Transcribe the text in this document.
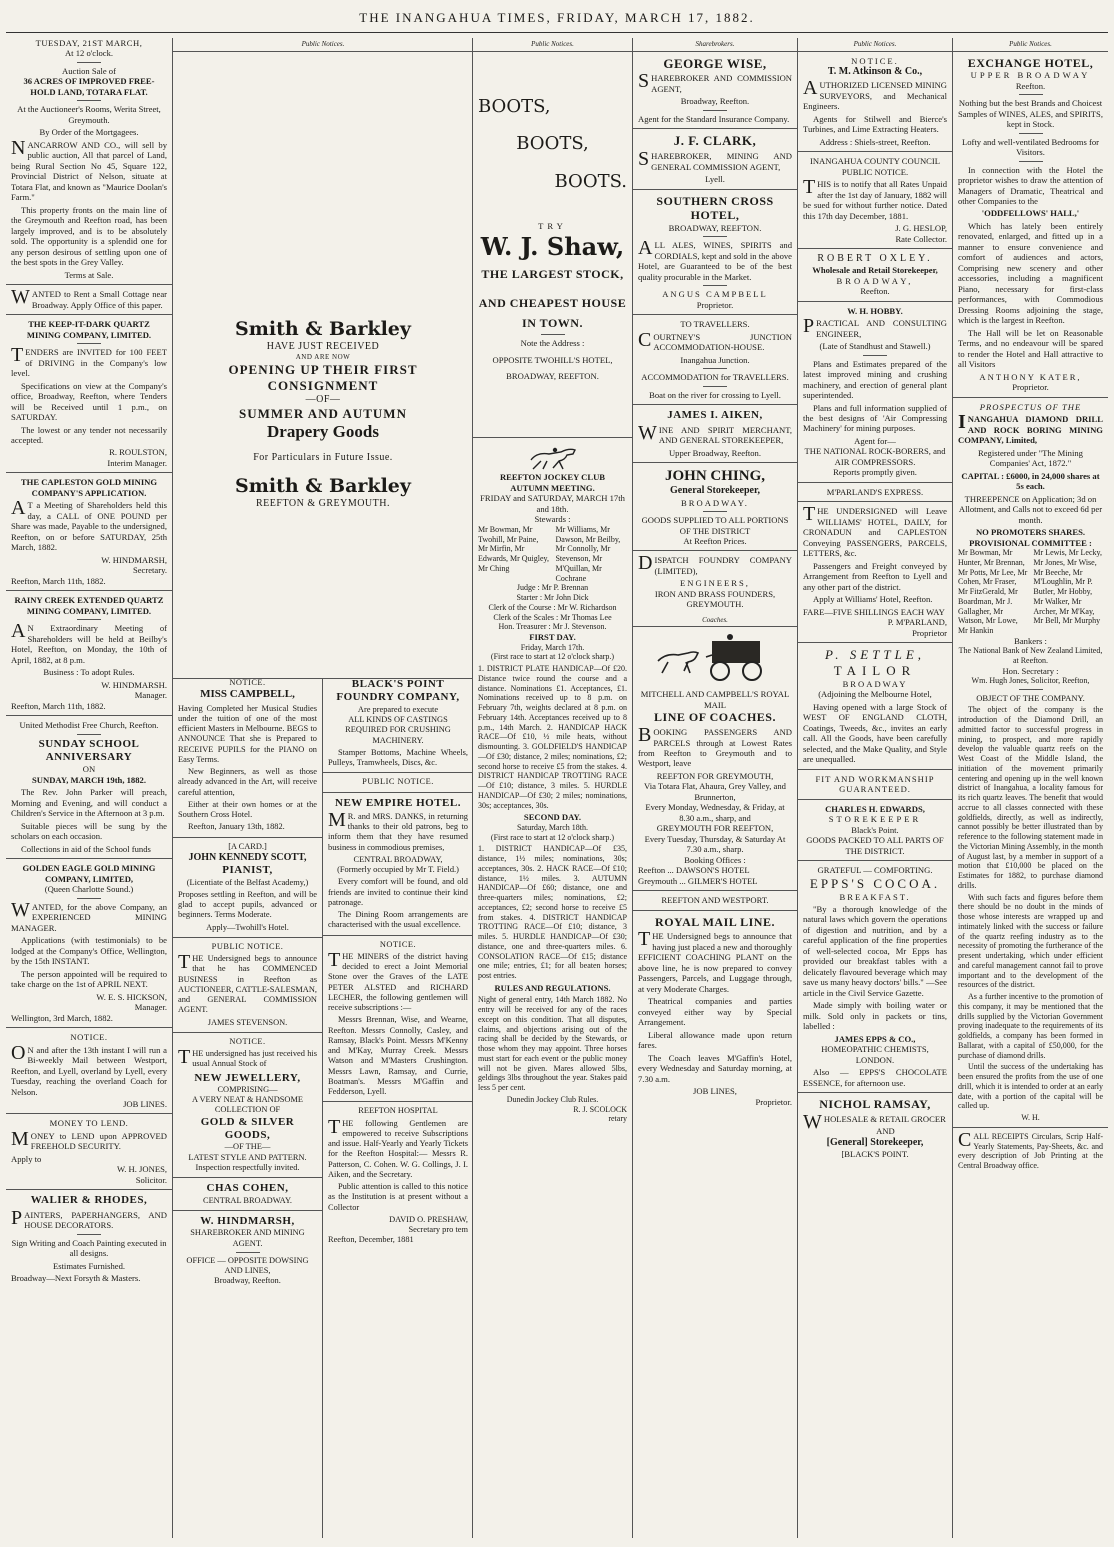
THE INANGAHUA TIMES, FRIDAY, MARCH 17, 1882.
TUESDAY, 21ST MARCH,
At 12 o'clock.
Auction Sale of
36 ACRES OF IMPROVED FREE-HOLD LAND, TOTARA FLAT.

At the Auctioneer's Rooms, Werita Street, Greymouth.

By Order of the Mortgagees.

NANCARROW AND CO., will sell by public auction, All that parcel of Land, being Rural Section No 45, Square 122, Provincial District of Nelson, situate at Totara Flat, and known as "Maurice Doolan's Farm."

This property fronts on the main line of the Greymouth and Reefton road, has been largely improved, and is to be absolutely sold. The opportunity is a splendid one for any person desirous of settling upon one of the best spots in the Grey Valley.

Terms at Sale.

WANTED to Rent a Small Cottage near Broadway. Apply Office of this paper.

THE KEEP-IT-DARK QUARTZ MINING COMPANY, LIMITED.

TENDERS are INVITED for 100 FEET of DRIVING in the Company's low level.

Specifications on view at the Company's office, Broadway, Reefton, where Tenders will be Received until 1 p.m., on SATURDAY.

The lowest or any tender not necessarily accepted.

R. ROULSTON,
Interim Manager.
THE CAPLESTON GOLD MINING COMPANY'S APPLICATION.

AT a Meeting of Shareholders held this day, a CALL of ONE POUND per Share was made, Payable to the undersigned, Reefton, on or before SATURDAY, 25th March, 1882.

W. HINDMARSH,
Secretary.
Reefton, March 11th, 1882.
RAINY CREEK EXTENDED QUARTZ MINING COMPANY, LIMITED.

AN Extraordinary Meeting of Shareholders will be held at Beilby's Hotel, Reefton, on Monday, the 10th of April, 1882, at 8 p.m.

Business : To adopt Rules.

W. HINDMARSH.
Manager.
Reefton, March 11th, 1882.
United Methodist Free Church, Reefton.
SUNDAY SCHOOL
ANNIVERSARY
ON
SUNDAY, MARCH 19th, 1882.

The Rev. John Parker will preach, Morning and Evening, and will conduct a Children's Service in the Afternoon at 3 p.m.

Suitable pieces will be sung by the scholars on each occasion.

Collections in aid of the School funds

GOLDEN EAGLE GOLD MINING COMPANY, LIMITED,
(Queen Charlotte Sound.)

WANTED, for the above Company, an EXPERIENCED MINING MANAGER.

Applications (with testimonials) to be lodged at the Company's Office, Wellington, by the 15th INSTANT.

The person appointed will be required to take charge on the 1st of APRIL NEXT.

W. E. S. HICKSON,
Manager.
Wellington, 3rd March, 1882.
NOTICE.

ON and after the 13th instant I will run a Bi-weekly Mail between Westport, Reefton, and Lyell, overland by Lyell, every Tuesday, reaching the overland Coach for Nelson.

JOB LINES.
MONEY TO LEND.

MONEY to LEND upon APPROVED FREEHOLD SECURITY.

Apply to
W. H. JONES,
Solicitor.
WALIER & RHODES,

PAINTERS, PAPERHANGERS, AND HOUSE DECORATORS.

Sign Writing and Coach Painting executed in all designs.

Estimates Furnished.

Broadway—Next Forsyth & Masters.

Public Notices.
Smith & Barkley
HAVE JUST RECEIVED
AND ARE NOW
OPENING UP THEIR FIRST CONSIGNMENT
—OF—
SUMMER AND AUTUMN
Drapery Goods
For Particulars in Future Issue.
Smith & Barkley
REEFTON & GREYMOUTH.
NOTICE.
MISS CAMPBELL,

Having Completed her Musical Studies under the tuition of one of the most efficient Masters in Melbourne. BEGS to ANNOUNCE That she is Prepared to RECEIVE PUPILS for the PIANO on Easy Terms.

New Beginners, as well as those already advanced in the Art, will receive careful attention,

Either at their own homes or at the Southern Cross Hotel.

Reefton, January 13th, 1882.
[A CARD.]
JOHN KENNEDY SCOTT,
PIANIST,
(Licentiate of the Belfast Academy,)

Proposes settling in Reefton, and will be glad to accept pupils, advanced or beginners. Terms Moderate.

Apply—Twohill's Hotel.
PUBLIC NOTICE.

THE Undersigned begs to announce that he has COMMENCED BUSINESS in Reefton as AUCTIONEER, CATTLE-SALESMAN, and GENERAL COMMISSION AGENT.

JAMES STEVENSON.
NOTICE.

THE undersigned has just received his usual Annual Stock of

NEW JEWELLERY,
COMPRISING—
A VERY NEAT & HANDSOME COLLECTION OF
GOLD & SILVER GOODS,
—OF THE—
LATEST STYLE AND PATTERN.
Inspection respectfully invited.
CHAS COHEN,
CENTRAL BROADWAY.
W. HINDMARSH,
SHAREBROKER AND MINING AGENT.
OFFICE — OPPOSITE DOWSING AND LINES,
Broadway, Reefton.
BLACK'S POINT FOUNDRY COMPANY,
Are prepared to execute
ALL KINDS OF CASTINGS REQUIRED FOR CRUSHING MACHINERY.

Stamper Bottoms, Machine Wheels, Pulleys, Tramwheels, Discs, &c.

PUBLIC NOTICE.
NEW EMPIRE HOTEL.

MR. and MRS. DANKS, in returning thanks to their old patrons, beg to inform them that they have resumed business in commodious premises,

CENTRAL BROADWAY,
(Formerly occupied by Mr T. Field.)

Every comfort will be found, and old friends are invited to continue their kind patronage.

The Dining Room arrangements are characterised with the usual excellence.

NOTICE.

THE MINERS of the district having decided to erect a Joint Memorial Stone over the Graves of the LATE PETER ALSTED and RICHARD LECHER, the following gentlemen will receive subscriptions :—

Messrs Brennan, Wise, and Wearne, Reefton. Messrs Connolly, Casley, and Ramsay, Black's Point. Messrs M'Kenny and M'Kay, Murray Creek. Messrs Watson and M'Masters Crushington. Messrs Lawn, Ramsay, and Currie, Boatman's. Messrs M'Gaffin and Fedderson, Lyell.

REEFTON HOSPITAL

THE following Gentlemen are empowered to receive Subscriptions and issue. Half-Yearly and Yearly Tickets for the Reefton Hospital:— Messrs R. Patterson, C. Cohen. W. G. Collings, J. I. Aiken, and the Secretary.

Public attention is called to this notice as the Institution is at present without a Collector

DAVID O. PRESHAW,
Secretary pro tem
Reefton, December, 1881
Public Notices.
BOOTS,
BOOTS,
BOOTS.
TRY
W. J. Shaw,
THE LARGEST STOCK,
AND CHEAPEST HOUSE
IN TOWN.
Note the Address :
OPPOSITE TWOHILL'S HOTEL,
BROADWAY, REEFTON.
REEFTON JOCKEY CLUB
AUTUMN MEETING.
FRIDAY and SATURDAY, MARCH 17th and 18th.
Stewards :
Mr Bowman, Mr Twohill, Mr Paine, Mr Mirfin, Mr Edwards, Mr Quigley, Mr Ching
Mr Williams, Mr Dawson, Mr Beilby, Mr Connolly, Mr Stevenson, Mr M'Quillan, Mr Cochrane
Judge : Mr P. Brennan
Starter : Mr John Dick
Clerk of the Course : Mr W. Richardson
Clerk of the Scales : Mr Thomas Lee
Hon. Treasurer : Mr J. Stevenson.
FIRST DAY.
Friday, March 17th.
(First race to start at 12 o'clock sharp.)

1. DISTRICT PLATE HANDICAP—Of £20. Distance twice round the course and a distance. Nominations £1. Acceptances, £1. Nominations received up to 8 p.m. on February 7th, weights declared at 8 p.m. on February 14th. Acceptances received up to 8 p.m., 14th March. 2. HANDICAP HACK RACE—Of £10, ½ mile heats, without dismounting. 3. GOLDFIELD'S HANDICAP—Of £30; distance, 2 miles; nominations, £2; second horse to receive £5 from the stakes. 4. DISTRICT HANDICAP TROTTING RACE—Of £10; distance, 3 miles. 5. HURDLE HANDICAP—Of £30; 2 miles; nominations, 30s; acceptances, 30s.

SECOND DAY.
Saturday, March 18th.
(First race to start at 12 o'clock sharp.)

1. DISTRICT HANDICAP—Of £35, distance, 1½ miles; nominations, 30s; acceptances, 30s. 2. HACK RACE—Of £10; distance, 1½ miles. 3. AUTUMN HANDICAP—Of £60; distance, one and three-quarters miles; nominations, £2; acceptances, £2; second horse to receive £5 from stakes. 4. DISTRICT HANDICAP TROTTING RACE—Of £10; distance, 3 miles. 5. HURDLE HANDICAP—Of £30; distance, one and three-quarters miles. 6. CONSOLATION RACE—Of £15; distance one mile; entries, £1; for all beaten horses; post entries.

RULES AND REGULATIONS.

Night of general entry, 14th March 1882. No entry will be received for any of the races except on this condition. That all disputes, claims, and objections arising out of the racing shall be decided by the Stewards, or those whom they may appoint. Three horses must start for each event or the public money will not be given. Mares allowed 5lbs, geldings 3lbs throughout the year. Stakes paid less 5 per cent.

Dunedin Jockey Club Rules.
R. J. SCOLOCK
retary
Sharebrokers.
GEORGE WISE,

SHAREBROKER AND COMMISSION AGENT,

Broadway, Reefton.

Agent for the Standard Insurance Company.

J. F. CLARK,

SHAREBROKER, MINING AND GENERAL COMMISSION AGENT,

Lyell.
SOUTHERN CROSS HOTEL,
BROADWAY, REEFTON.

ALL ALES, WINES, SPIRITS and CORDIALS, kept and sold in the above Hotel, are Guaranteed to be of the best quality procurable in the Market.

ANGUS CAMPBELL
Proprietor.
TO TRAVELLERS.

COURTNEY'S JUNCTION ACCOMMODATION-HOUSE.

Inangahua Junction.
ACCOMMODATION for TRAVELLERS.
Boat on the river for crossing to Lyell.
JAMES I. AIKEN,

WINE AND SPIRIT MERCHANT, AND GENERAL STOREKEEPER,

Upper Broadway, Reefton.
JOHN CHING,
General Storekeeper,
BROADWAY.
GOODS SUPPLIED TO ALL PORTIONS OF THE DISTRICT
At Reefton Prices.

DISPATCH FOUNDRY COMPANY (LIMITED),

ENGINEERS,
IRON AND BRASS FOUNDERS,
GREYMOUTH.
Coaches.
MITCHELL AND CAMPBELL'S ROYAL MAIL
LINE OF COACHES.

BOOKING PASSENGERS AND PARCELS through at Lowest Rates from Reefton to Greymouth and to Westport, leave

REEFTON FOR GREYMOUTH,
Via Totara Flat, Ahaura, Grey Valley, and Brunnerton,
Every Monday, Wednesday, & Friday, at 8.30 a.m., sharp, and
GREYMOUTH FOR REEFTON,
Every Tuesday, Thursday, & Saturday At 7.30 a.m., sharp.
Booking Offices :
Reefton ... DAWSON'S HOTEL
Greymouth ... GILMER'S HOTEL
REEFTON AND WESTPORT.
ROYAL MAIL LINE.

THE Undersigned begs to announce that having just placed a new and thoroughly EFFICIENT COACHING PLANT on the above line, he is now prepared to convey Passengers, Parcels, and Luggage through, at very Moderate Charges.

Theatrical companies and parties conveyed either way by Special Arrangement.

Liberal allowance made upon return fares.

The Coach leaves M'Gaffin's Hotel, every Wednesday and Saturday morning, at 7.30 a.m.

JOB LINES,
Proprietor.
Public Notices.
NOTICE.
T. M. Atkinson & Co.,

AUTHORIZED LICENSED MINING SURVEYORS, and Mechanical Engineers.

Agents for Stilwell and Bierce's Turbines, and Lime Extracting Heaters.

Address : Shiels-street, Reefton.
INANGAHUA COUNTY COUNCIL
PUBLIC NOTICE.

THIS is to notify that all Rates Unpaid after the 1st day of January, 1882 will be sued for without further notice. Dated this 17th day December, 1881.

J. G. HESLOP,
Rate Collector.
ROBERT OXLEY.
Wholesale and Retail Storekeeper,
BROADWAY,
Reefton.
W. H. HOBBY.

PRACTICAL AND CONSULTING ENGINEER,

(Late of Standhust and Stawell.)

Plans and Estimates prepared of the latest improved mining and crushing machinery, and erection of general plant superintended.

Plans and full information supplied of the best designs of 'Air Compressing Machinery' for mining purposes.

Agent for—
THE NATIONAL ROCK-BORERS, and AIR COMPRESSORS.
Reports promptly given.
M'PARLAND'S EXPRESS.

THE UNDERSIGNED will Leave WILLIAMS' HOTEL, DAILY, for CRONADUN and CAPLESTON Conveying PASSENGERS, PARCELS, LETTERS, &c.

Passengers and Freight conveyed by Arrangement from Reefton to Lyell and any other part of the district.

Apply at Williams' Hotel, Reefton.

FARE—FIVE SHILLINGS EACH WAY
P. M'PARLAND,
Proprietor
P. SETTLE,
TAILOR
BROADWAY
(Adjoining the Melbourne Hotel,

Having opened with a large Stock of WEST OF ENGLAND CLOTH, Coatings, Tweeds, &c., invites an early call. All the Goods, have been carefully selected, and the Make Quality, and Style are unequalled.

FIT AND WORKMANSHIP GUARANTEED.
CHARLES H. EDWARDS,
STOREKEEPER
Black's Point.
GOODS PACKED TO ALL PARTS OF THE DISTRICT.
GRATEFUL — COMFORTING.
EPPS'S COCOA.
BREAKFAST.

"By a thorough knowledge of the natural laws which govern the operations of digestion and nutrition, and by a careful application of the fine properties of well-selected cocoa, Mr Epps has provided our breakfast tables with a delicately flavoured beverage which may save us many heavy doctors' bills." —See article in the Civil Service Gazette.

Made simply with boiling water or milk. Sold only in packets or tins, labelled :

JAMES EPPS & CO.,
HOMEOPATHIC CHEMISTS,
LONDON.

Also — EPPS'S CHOCOLATE ESSENCE, for afternoon use.

NICHOL RAMSAY,

WHOLESALE & RETAIL GROCER

AND
[General] Storekeeper,
[BLACK'S POINT.
Public Notices.
EXCHANGE HOTEL,
UPPER BROADWAY
Reefton.

Nothing but the best Brands and Choicest Samples of WINES, ALES, and SPIRITS, kept in Stock.

Lofty and well-ventilated Bedrooms for Visitors.

In connection with the Hotel the proprietor wishes to draw the attention of Managers of Dramatic, Theatrical and other Companies to the

'ODDFELLOWS' HALL,'

Which has lately been entirely renovated, enlarged, and fitted up in a manner to ensure convenience and comfort of audiences and actors, Comprising new scenery and other accessories, including a magnificent Piano, necessary for first-class performances, with Commodious Dressing Rooms adjoining the stage, which is the largest in Reefton.

The Hall will be let on Reasonable Terms, and no endeavour will be spared to render the Hotel and Hall attractive to all Visitors

ANTHONY KATER,
Proprietor.
PROSPECTUS OF THE

INANGAHUA DIAMOND DRILL AND ROCK BORING MINING COMPANY, Limited,

Registered under "The Mining Companies' Act, 1872."

CAPITAL : £6000, in 24,000 shares at 5s each.

THREEPENCE on Application; 3d on Allotment, and Calls not to exceed 6d per month.

NO PROMOTERS SHARES.
PROVISIONAL COMMITTEE :
Mr Bowman, Mr Hunter, Mr Brennan, Mr Potts, Mr Lee, Mr Cohen, Mr Fraser, Mr FitzGerald, Mr Boardman, Mr J. Gallagher, Mr Watson, Mr Lowe, Mr Hankin
Mr Lewis, Mr Lecky, Mr Jones, Mr Wise, Mr Beeche, Mr M'Loughlin, Mr P. Butler, Mr Hobby, Mr Walker, Mr Archer, Mr M'Kay, Mr Bell, Mr Murphy
Bankers :
The National Bank of New Zealand Limited, at Reefton.
Hon. Secretary :
Wm. Hugh Jones, Solicitor, Reefton,
OBJECT OF THE COMPANY.

The object of the company is the introduction of the Diamond Drill, an admitted factor to successful progress in mining, to prospect, and more rapidly develop the valuable quartz reefs on the West Coast of the Middle Island, the initiation of the movement primarily centering and opening up in the well known district of Inangahua, a locality famous for its rich quartz leaves. The benefit that would accrue to all classes connected with these goldfields, directly, as well as indirectly, cannot possibly be better illustrated than by reference to the following statement made in the Victorian Mining Assembly, in the month of August last, by a member in support of a motion that £10,000 be placed on the Estimates for 1882, to purchase diamond drills.

With such facts and figures before them there should be no doubt in the minds of those whose interests are wrapped up and intimately linked with the success or failure of the quartz reefing industry as to the necessity of promoting the furtherance of the present undertaking, which under efficient and careful management cannot fail to prove important and to the development of the resources of the district.

As a further incentive to the promotion of this company, it may be mentioned that the drills supplied by the Victorian Government proving inadequate to the requirements of its goldfields, a company has been formed in Ballarat, with a capital of £50,000, for the purchase of diamond drills.

Until the success of the undertaking has been ensured the profits from the use of one drill, which it is intended to order at an early date, with a portion of the capital will be called up.

W. H.

CALL RECEIPTS Circulars, Scrip Half-Yearly Statements, Pay-Sheets, &c. and every description of Job Printing at the Central Broadway office.
